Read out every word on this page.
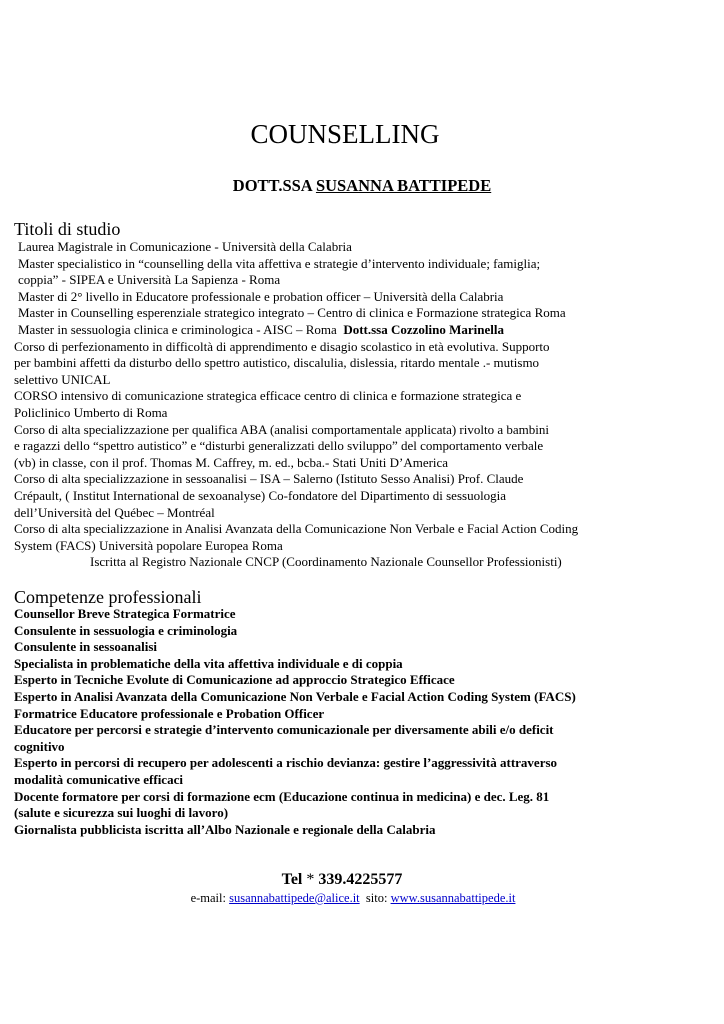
COUNSELLING
DOTT.SSA SUSANNA BATTIPEDE
Titoli di studio
Laurea Magistrale in Comunicazione - Università della Calabria
Master specialistico in “counselling della vita affettiva e strategie d’intervento individuale; famiglia;
coppia” - SIPEA e Università La Sapienza - Roma
Master di 2° livello in Educatore professionale e probation officer – Università della Calabria
Master in Counselling esperenziale strategico integrato – Centro di clinica e Formazione strategica Roma
Master in sessuologia clinica e criminologica - AISC – Roma Dott.ssa Cozzolino Marinella
Corso di perfezionamento in difficoltà di apprendimento e disagio scolastico in età evolutiva. Supporto
per bambini affetti da disturbo dello spettro autistico, discalulia, dislessia, ritardo mentale .- mutismo
selettivo UNICAL
CORSO intensivo di comunicazione strategica efficace centro di clinica e formazione strategica e
Policlinico Umberto di Roma
Corso di alta specializzazione per qualifica ABA (analisi comportamentale applicata) rivolto a bambini
e ragazzi dello “spettro autistico” e “disturbi generalizzati dello sviluppo” del comportamento verbale
(vb) in classe, con il prof. Thomas M. Caffrey, m. ed., bcba.- Stati Uniti D’America
Corso di alta specializzazione in sessoanalisi – ISA – Salerno (Istituto Sesso Analisi) Prof. Claude
Crépault, ( Institut International de sexoanalyse) Co-fondatore del Dipartimento di sessuologia
dell’Università del Québec – Montréal
Corso di alta specializzazione in Analisi Avanzata della Comunicazione Non Verbale e Facial Action Coding
System (FACS) Università popolare Europea Roma
Iscritta al Registro Nazionale CNCP (Coordinamento Nazionale Counsellor Professionisti)
Competenze professionali
Counsellor Breve Strategica Formatrice
Consulente in sessuologia e criminologia
Consulente in sessoanalisi
Specialista in problematiche della vita affettiva individuale e di coppia
Esperto in Tecniche Evolute di Comunicazione ad approccio Strategico Efficace
Esperto in Analisi Avanzata della Comunicazione Non Verbale e Facial Action Coding System (FACS)
Formatrice Educatore professionale e Probation Officer
Educatore per percorsi e strategie d’intervento comunicazionale per diversamente abili e/o deficit
cognitivo
Esperto in percorsi di recupero per adolescenti a rischio devianza: gestire l’aggressività attraverso
modalità comunicative efficaci
Docente formatore per corsi di formazione ecm (Educazione continua in medicina) e dec. Leg. 81
(salute e sicurezza sui luoghi di lavoro)
Giornalista pubblicista iscritta all’Albo Nazionale e regionale della Calabria
Tel * 339.4225577
e-mail: susannabattipede@alice.it  sito: www.susannabattipede.it
